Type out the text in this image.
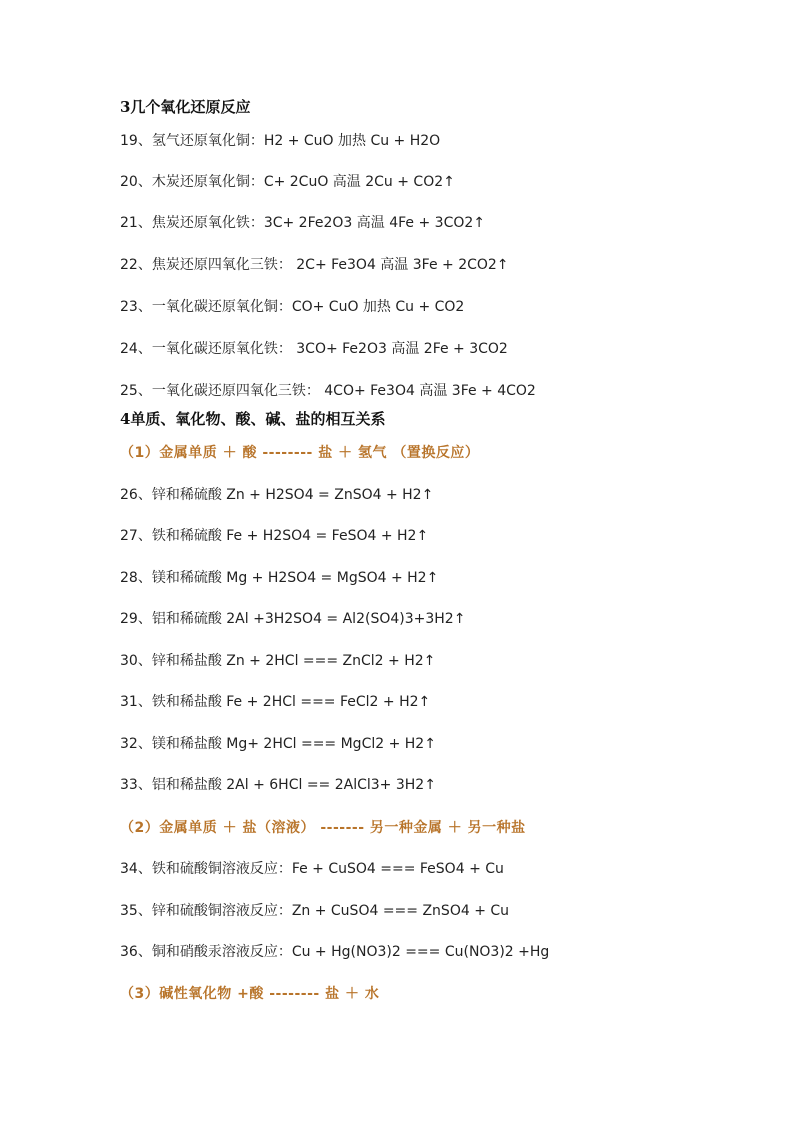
3几个氧化还原反应
19、氢气还原氧化铜：H2 + CuO 加热 Cu + H2O
20、木炭还原氧化铜：C+ 2CuO 高温 2Cu + CO2↑
21、焦炭还原氧化铁：3C+ 2Fe2O3 高温 4Fe + 3CO2↑
22、焦炭还原四氧化三铁： 2C+ Fe3O4 高温 3Fe + 2CO2↑
23、一氧化碳还原氧化铜：CO+ CuO 加热 Cu + CO2
24、一氧化碳还原氧化铁： 3CO+ Fe2O3 高温 2Fe + 3CO2
25、一氧化碳还原四氧化三铁： 4CO+ Fe3O4 高温 3Fe + 4CO2
4单质、氧化物、酸、碱、盐的相互关系
（1）金属单质 ＋ 酸 -------- 盐 ＋ 氢气 （置换反应）
26、锌和稀硫酸 Zn + H2SO4 = ZnSO4 + H2↑
27、铁和稀硫酸 Fe + H2SO4 = FeSO4 + H2↑
28、镁和稀硫酸 Mg + H2SO4 = MgSO4 + H2↑
29、铝和稀硫酸 2Al +3H2SO4 = Al2(SO4)3+3H2↑
30、锌和稀盐酸 Zn + 2HCl === ZnCl2 + H2↑
31、铁和稀盐酸 Fe + 2HCl === FeCl2 + H2↑
32、镁和稀盐酸 Mg+ 2HCl === MgCl2 + H2↑
33、铝和稀盐酸 2Al + 6HCl == 2AlCl3+ 3H2↑
（2）金属单质 ＋ 盐（溶液） ------- 另一种金属 ＋ 另一种盐
34、铁和硫酸铜溶液反应：Fe + CuSO4 === FeSO4 + Cu
35、锌和硫酸铜溶液反应：Zn + CuSO4 === ZnSO4 + Cu
36、铜和硝酸汞溶液反应：Cu + Hg(NO3)2 === Cu(NO3)2 +Hg
（3）碱性氧化物 +酸 -------- 盐 ＋ 水
